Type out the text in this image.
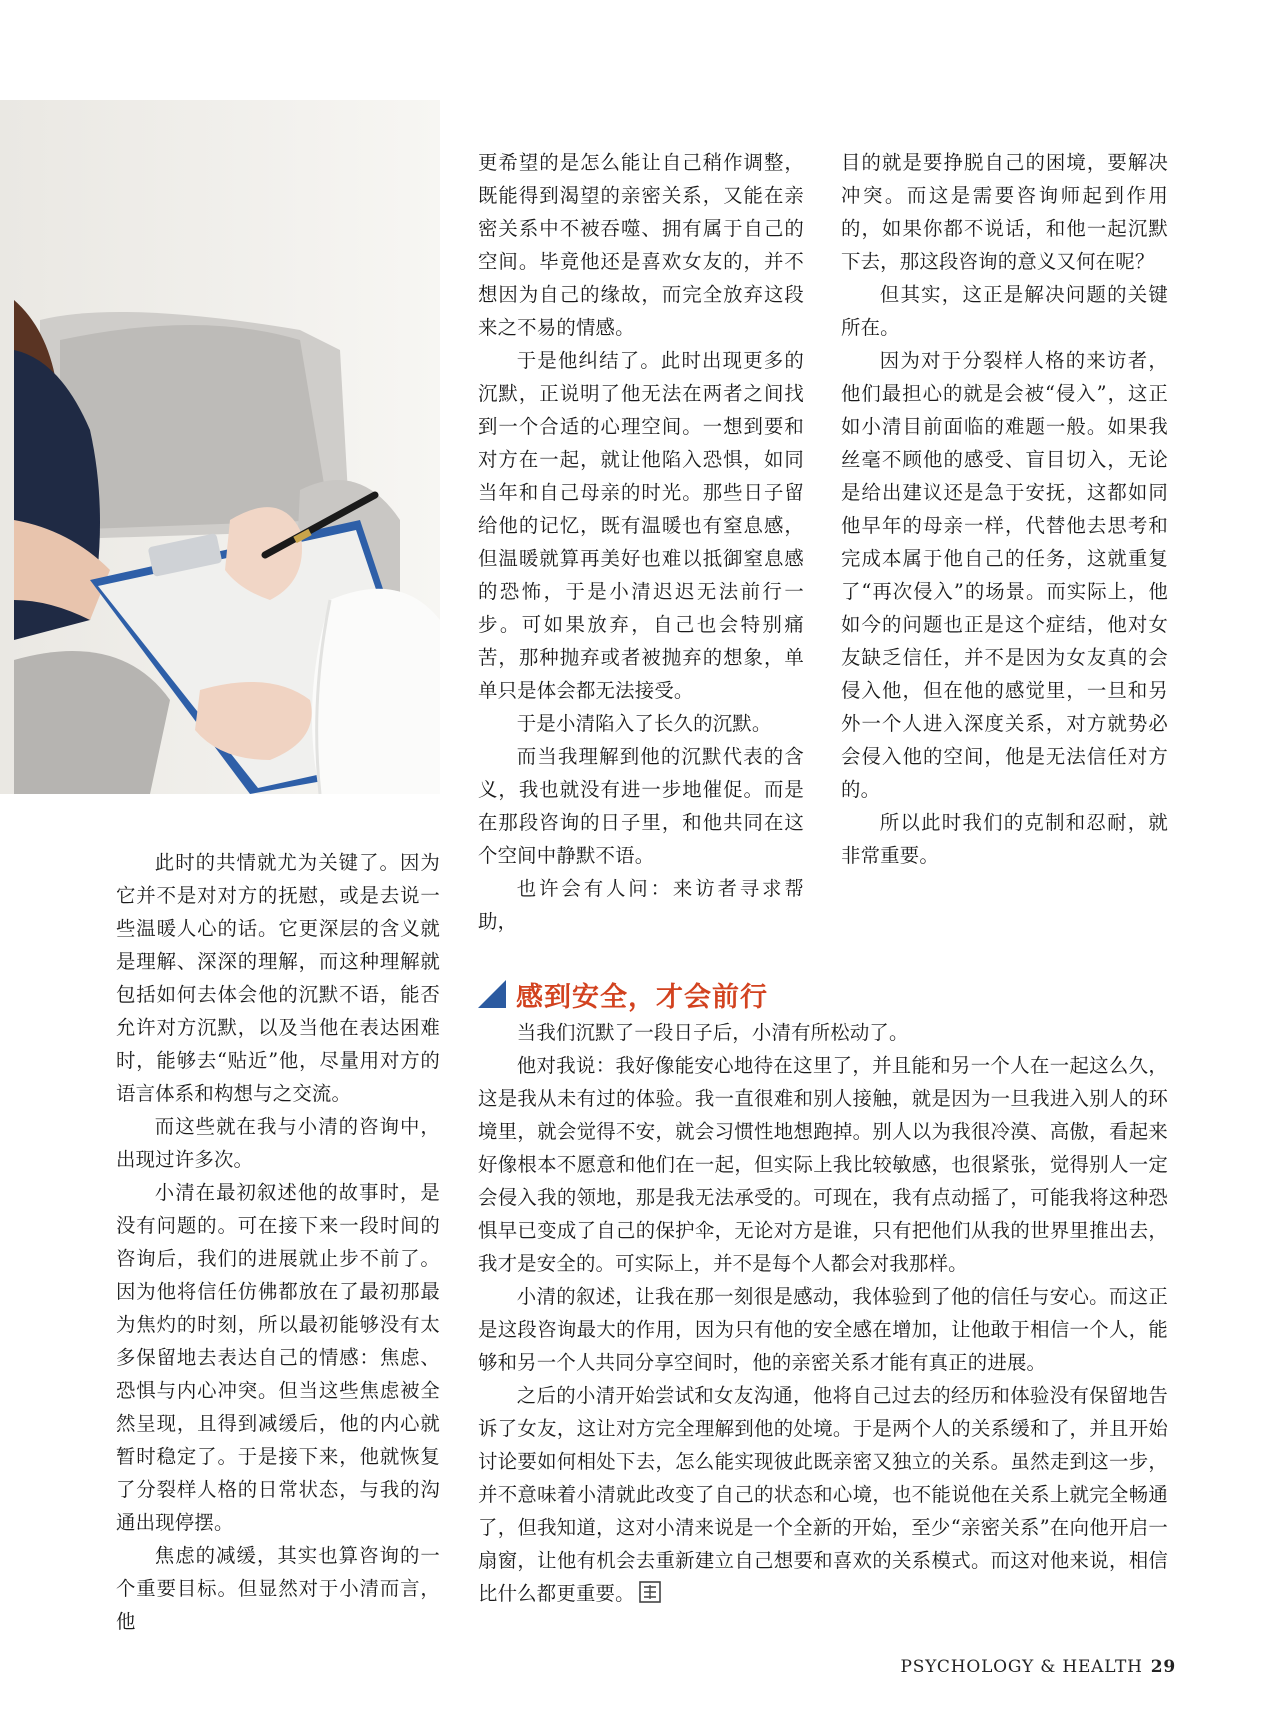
此时的共情就尤为关键了。因为它并不是对对方的抚慰，或是去说一些温暖人心的话。它更深层的含义就是理解、深深的理解，而这种理解就包括如何去体会他的沉默不语，能否允许对方沉默，以及当他在表达困难时，能够去“贴近”他，尽量用对方的语言体系和构想与之交流。

而这些就在我与小清的咨询中，出现过许多次。

小清在最初叙述他的故事时，是没有问题的。可在接下来一段时间的咨询后，我们的进展就止步不前了。因为他将信任仿佛都放在了最初那最为焦灼的时刻，所以最初能够没有太多保留地去表达自己的情感：焦虑、恐惧与内心冲突。但当这些焦虑被全然呈现，且得到减缓后，他的内心就暂时稳定了。于是接下来，他就恢复了分裂样人格的日常状态，与我的沟通出现停摆。

焦虑的减缓，其实也算咨询的一个重要目标。但显然对于小清而言，他

更希望的是怎么能让自己稍作调整，既能得到渴望的亲密关系，又能在亲密关系中不被吞噬、拥有属于自己的空间。毕竟他还是喜欢女友的，并不想因为自己的缘故，而完全放弃这段来之不易的情感。

于是他纠结了。此时出现更多的沉默，正说明了他无法在两者之间找到一个合适的心理空间。一想到要和对方在一起，就让他陷入恐惧，如同当年和自己母亲的时光。那些日子留给他的记忆，既有温暖也有窒息感，但温暖就算再美好也难以抵御窒息感的恐怖，于是小清迟迟无法前行一步。可如果放弃，自己也会特别痛苦，那种抛弃或者被抛弃的想象，单单只是体会都无法接受。

于是小清陷入了长久的沉默。

而当我理解到他的沉默代表的含义，我也就没有进一步地催促。而是在那段咨询的日子里，和他共同在这个空间中静默不语。

也许会有人问：来访者寻求帮助，

目的就是要挣脱自己的困境，要解决冲突。而这是需要咨询师起到作用的，如果你都不说话，和他一起沉默下去，那这段咨询的意义又何在呢？

但其实，这正是解决问题的关键所在。

因为对于分裂样人格的来访者，他们最担心的就是会被“侵入”，这正如小清目前面临的难题一般。如果我丝毫不顾他的感受、盲目切入，无论是给出建议还是急于安抚，这都如同他早年的母亲一样，代替他去思考和完成本属于他自己的任务，这就重复了“再次侵入”的场景。而实际上，他如今的问题也正是这个症结，他对女友缺乏信任，并不是因为女友真的会侵入他，但在他的感觉里，一旦和另外一个人进入深度关系，对方就势必会侵入他的空间，他是无法信任对方的。

所以此时我们的克制和忍耐，就非常重要。

感到安全，才会前行

当我们沉默了一段日子后，小清有所松动了。

他对我说：我好像能安心地待在这里了，并且能和另一个人在一起这么久，这是我从未有过的体验。我一直很难和别人接触，就是因为一旦我进入别人的环境里，就会觉得不安，就会习惯性地想跑掉。别人以为我很冷漠、高傲，看起来好像根本不愿意和他们在一起，但实际上我比较敏感，也很紧张，觉得别人一定会侵入我的领地，那是我无法承受的。可现在，我有点动摇了，可能我将这种恐惧早已变成了自己的保护伞，无论对方是谁，只有把他们从我的世界里推出去，我才是安全的。可实际上，并不是每个人都会对我那样。

小清的叙述，让我在那一刻很是感动，我体验到了他的信任与安心。而这正是这段咨询最大的作用，因为只有他的安全感在增加，让他敢于相信一个人，能够和另一个人共同分享空间时，他的亲密关系才能有真正的进展。

之后的小清开始尝试和女友沟通，他将自己过去的经历和体验没有保留地告诉了女友，这让对方完全理解到他的处境。于是两个人的关系缓和了，并且开始讨论要如何相处下去，怎么能实现彼此既亲密又独立的关系。虽然走到这一步，并不意味着小清就此改变了自己的状态和心境，也不能说他在关系上就完全畅通了，但我知道，这对小清来说是一个全新的开始，至少“亲密关系”在向他开启一扇窗，让他有机会去重新建立自己想要和喜欢的关系模式。而这对他来说，相信比什么都更重要。

PSYCHOLOGY & HEALTH 29
